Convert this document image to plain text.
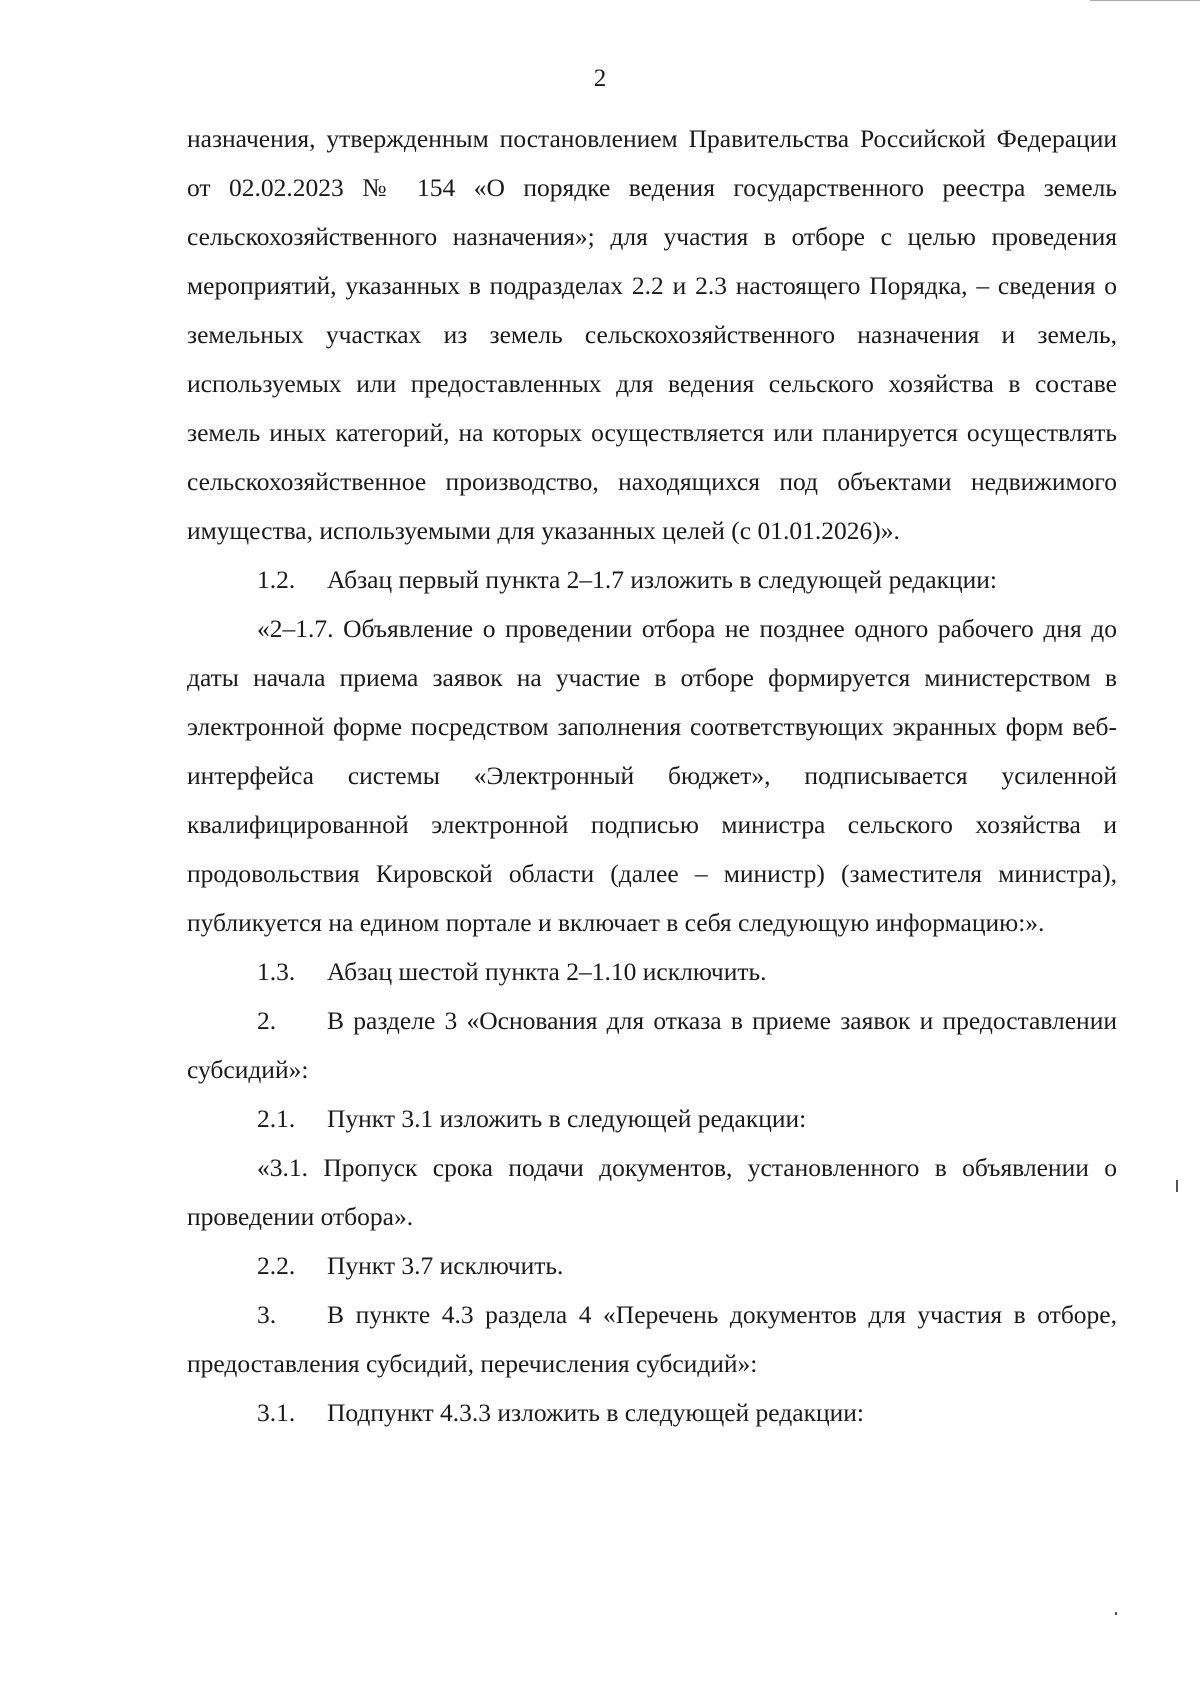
2

назначения, утвержденным постановлением Правительства Российской Федерации от 02.02.2023 № 154 «О порядке ведения государственного реестра земель сельскохозяйственного назначения»; для участия в отборе с целью проведения мероприятий, указанных в подразделах 2.2 и 2.3 настоящего Порядка, – сведения о земельных участках из земель сельскохозяйственного назначения и земель, используемых или предоставленных для ведения сельского хозяйства в составе земель иных категорий, на которых осуществляется или планируется осуществлять сельскохозяйственное производство, находящихся под объектами недвижимого имущества, используемыми для указанных целей (с 01.01.2026)».

1.2. Абзац первый пункта 2–1.7 изложить в следующей редакции:

«2–1.7. Объявление о проведении отбора не позднее одного рабочего дня до даты начала приема заявок на участие в отборе формируется министерством в электронной форме посредством заполнения соответствующих экранных форм веб-интерфейса системы «Электронный бюджет», подписывается усиленной квалифицированной электронной подписью министра сельского хозяйства и продовольствия Кировской области (далее – министр) (заместителя министра), публикуется на едином портале и включает в себя следующую информацию:».

1.3. Абзац шестой пункта 2–1.10 исключить.

2. В разделе 3 «Основания для отказа в приеме заявок и предоставлении субсидий»:

2.1. Пункт 3.1 изложить в следующей редакции:

«3.1. Пропуск срока подачи документов, установленного в объявлении о проведении отбора».

2.2. Пункт 3.7 исключить.

3. В пункте 4.3 раздела 4 «Перечень документов для участия в отборе, предоставления субсидий, перечисления субсидий»:

3.1. Подпункт 4.3.3 изложить в следующей редакции:
